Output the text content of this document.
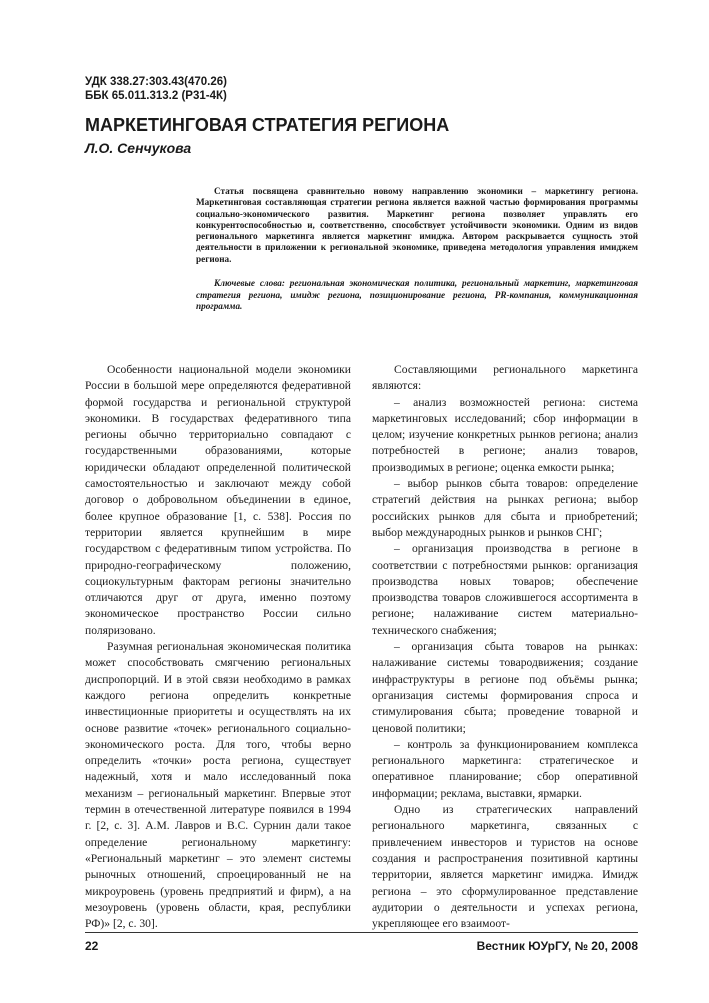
УДК 338.27:303.43(470.26)
ББК 65.011.313.2 (Р31-4К)
МАРКЕТИНГОВАЯ СТРАТЕГИЯ РЕГИОНА
Л.О. Сенчукова

Статья посвящена сравнительно новому направлению экономики – маркетингу региона. Маркетинговая составляющая стратегии региона является важной частью формирования программы социально-экономического развития. Маркетинг региона позволяет управлять его конкурентоспособностью и, соответственно, способствует устойчивости экономики. Одним из видов регионального маркетинга является маркетинг имиджа. Автором раскрывается сущность этой деятельности в приложении к региональной экономике, приведена методология управления имиджем региона.

Ключевые слова: региональная экономическая политика, региональный маркетинг, маркетинговая стратегия региона, имидж региона, позиционирование региона, PR-компания, коммуникационная программа.

Особенности национальной модели экономики России в большой мере определяются федеративной формой государства и региональной структурой экономики. В государствах федеративного типа регионы обычно территориально совпадают с государственными образованиями, которые юридически обладают определенной политической самостоятельностью и заключают между собой договор о добровольном объединении в единое, более крупное образование [1, с. 538]. Россия по территории является крупнейшим в мире государством с федеративным типом устройства. По природно-географическому положению, социокультурным факторам регионы значительно отличаются друг от друга, именно поэтому экономическое пространство России сильно поляризовано.

Разумная региональная экономическая политика может способствовать смягчению региональных диспропорций. И в этой связи необходимо в рамках каждого региона определить конкретные инвестиционные приоритеты и осуществлять на их основе развитие «точек» регионального социально-экономического роста. Для того, чтобы верно определить «точки» роста региона, существует надежный, хотя и мало исследованный пока механизм – региональный маркетинг. Впервые этот термин в отечественной литературе появился в 1994 г. [2, с. 3]. А.М. Лавров и В.С. Сурнин дали такое определение региональному маркетингу: «Региональный маркетинг – это элемент системы рыночных отношений, спроецированный не на микроуровень (уровень предприятий и фирм), а на мезоуровень (уровень области, края, республики РФ)» [2, с. 30].

Составляющими регионального маркетинга являются:

– анализ возможностей региона: система маркетинговых исследований; сбор информации в целом; изучение конкретных рынков региона; анализ потребностей в регионе; анализ товаров, производимых в регионе; оценка емкости рынка;

– выбор рынков сбыта товаров: определение стратегий действия на рынках региона; выбор российских рынков для сбыта и приобретений; выбор международных рынков и рынков СНГ;

– организация производства в регионе в соответствии с потребностями рынков: организация производства новых товаров; обеспечение производства товаров сложившегося ассортимента в регионе; налаживание систем материально-технического снабжения;

– организация сбыта товаров на рынках: налаживание системы товародвижения; создание инфраструктуры в регионе под объёмы рынка; организация системы формирования спроса и стимулирования сбыта; проведение товарной и ценовой политики;

– контроль за функционированием комплекса регионального маркетинга: стратегическое и оперативное планирование; сбор оперативной информации; реклама, выставки, ярмарки.

Одно из стратегических направлений регионального маркетинга, связанных с привлечением инвесторов и туристов на основе создания и распространения позитивной картины территории, является маркетинг имиджа. Имидж региона – это сформулированное представление аудитории о деятельности и успехах региона, укрепляющее его взаимоот-

22	Вестник ЮУрГУ, № 20, 2008
